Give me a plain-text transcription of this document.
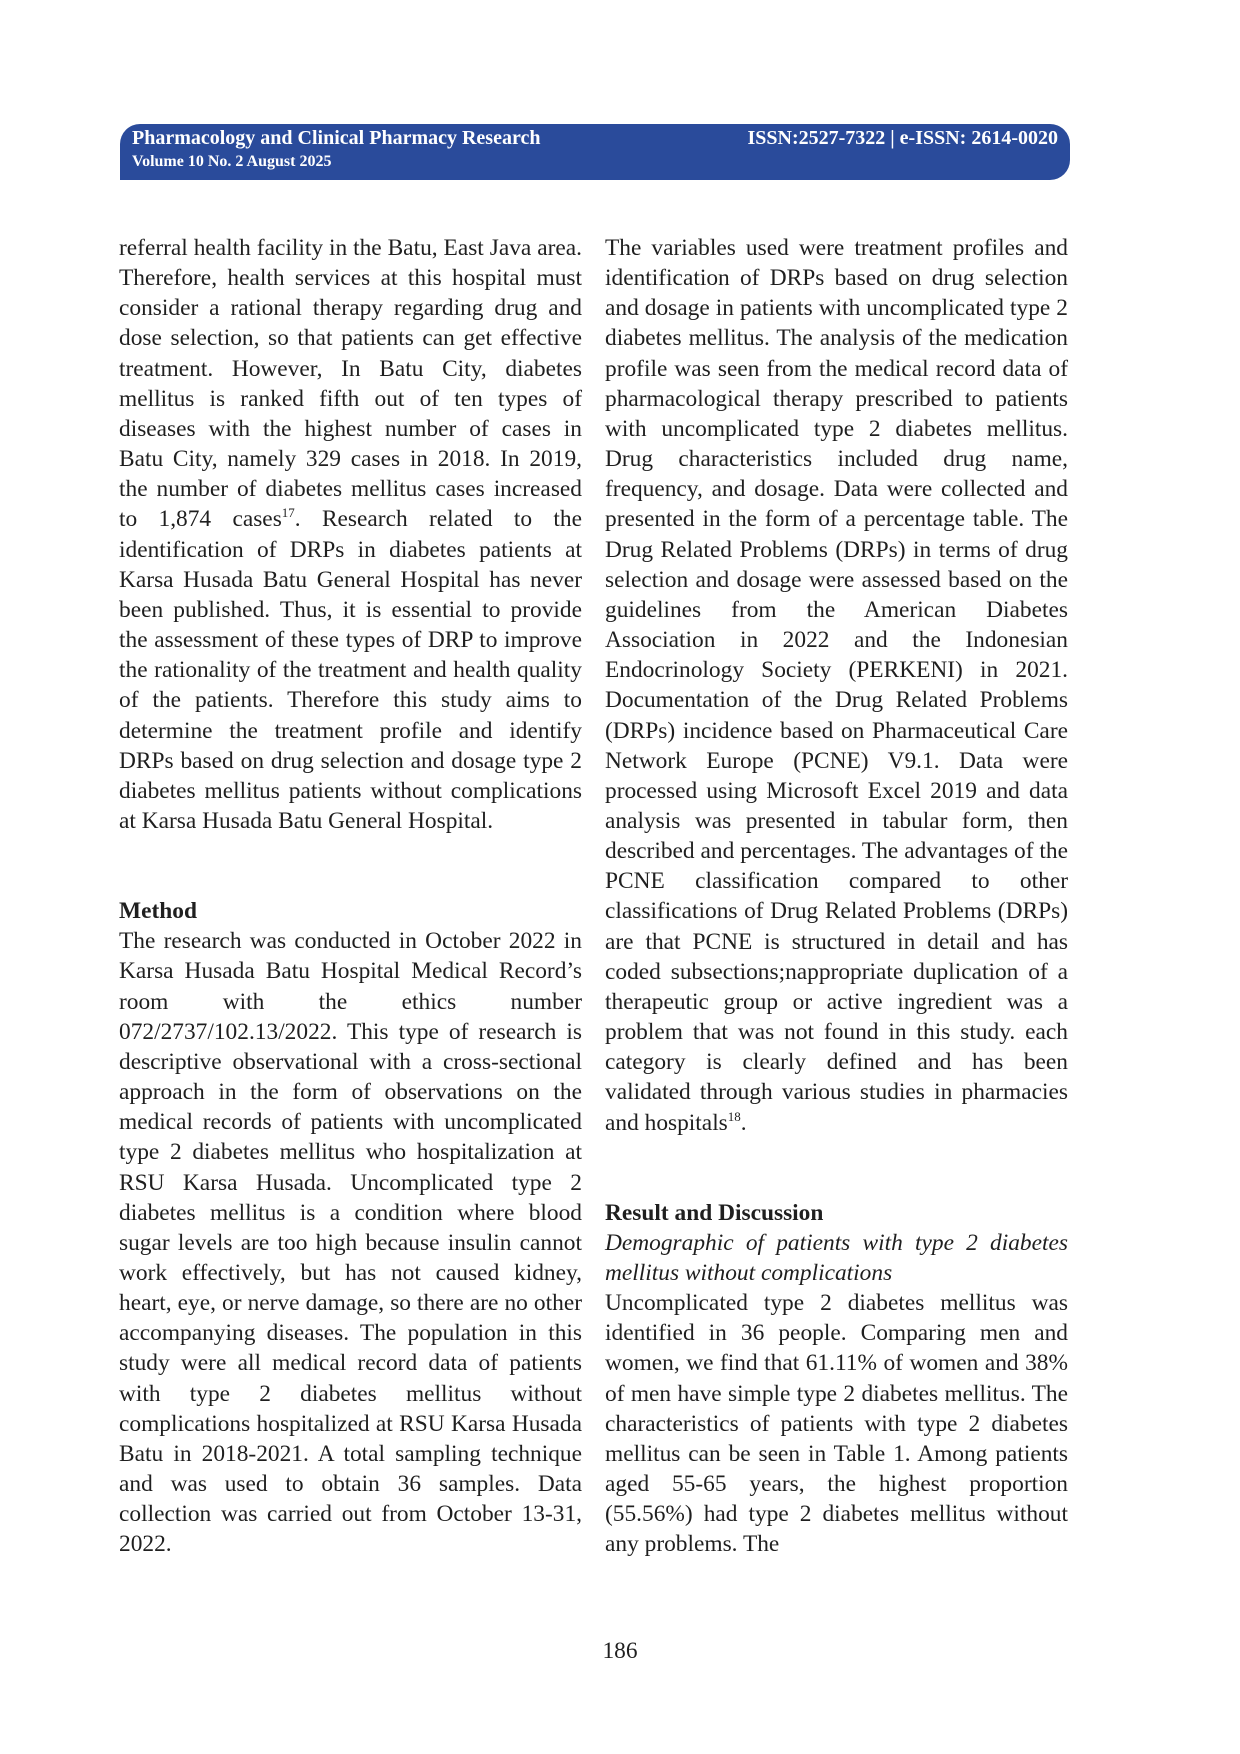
Pharmacology and Clinical Pharmacy Research
Volume 10 No. 2 August 2025
ISSN:2527-7322 | e-ISSN: 2614-0020

referral health facility in the Batu, East Java area. Therefore, health services at this hospital must consider a rational therapy regarding drug and dose selection, so that patients can get effective treatment. However, In Batu City, diabetes mellitus is ranked fifth out of ten types of diseases with the highest number of cases in Batu City, namely 329 cases in 2018. In 2019, the number of diabetes mellitus cases increased to 1,874 cases$^{17}$. Research related to the identification of DRPs in diabetes patients at Karsa Husada Batu General Hospital has never been published. Thus, it is essential to provide the assessment of these types of DRP to improve the rationality of the treatment and health quality of the patients. Therefore this study aims to determine the treatment profile and identify DRPs based on drug selection and dosage type 2 diabetes mellitus patients without complications at Karsa Husada Batu General Hospital.

Method

The research was conducted in October 2022 in Karsa Husada Batu Hospital Medical Record’s room with the ethics number 072/2737/102.13/2022. This type of research is descriptive observational with a cross-sectional approach in the form of observations on the medical records of patients with uncomplicated type 2 diabetes mellitus who hospitalization at RSU Karsa Husada. Uncomplicated type 2 diabetes mellitus is a condition where blood sugar levels are too high because insulin cannot work effectively, but has not caused kidney, heart, eye, or nerve damage, so there are no other accompanying diseases. The population in this study were all medical record data of patients with type 2 diabetes mellitus without complications hospitalized at RSU Karsa Husada Batu in 2018-2021. A total sampling technique and was used to obtain 36 samples. Data collection was carried out from October 13-31, 2022.

The variables used were treatment profiles and identification of DRPs based on drug selection and dosage in patients with uncomplicated type 2 diabetes mellitus. The analysis of the medication profile was seen from the medical record data of pharmacological therapy prescribed to patients with uncomplicated type 2 diabetes mellitus. Drug characteristics included drug name, frequency, and dosage. Data were collected and presented in the form of a percentage table. The Drug Related Problems (DRPs) in terms of drug selection and dosage were assessed based on the guidelines from the American Diabetes Association in 2022 and the Indonesian Endocrinology Society (PERKENI) in 2021. Documentation of the Drug Related Problems (DRPs) incidence based on Pharmaceutical Care Network Europe (PCNE) V9.1. Data were processed using Microsoft Excel 2019 and data analysis was presented in tabular form, then described and percentages. The advantages of the PCNE classification compared to other classifications of Drug Related Problems (DRPs) are that PCNE is structured in detail and has coded subsections;nappropriate duplication of a therapeutic group or active ingredient was a problem that was not found in this study. each category is clearly defined and has been validated through various studies in pharmacies and hospitals$^{18}$.

Result and Discussion

Demographic of patients with type 2 diabetes mellitus without complications

Uncomplicated type 2 diabetes mellitus was identified in 36 people. Comparing men and women, we find that 61.11% of women and 38% of men have simple type 2 diabetes mellitus. The characteristics of patients with type 2 diabetes mellitus can be seen in Table 1. Among patients aged 55-65 years, the highest proportion (55.56%) had type 2 diabetes mellitus without any problems. The

186
